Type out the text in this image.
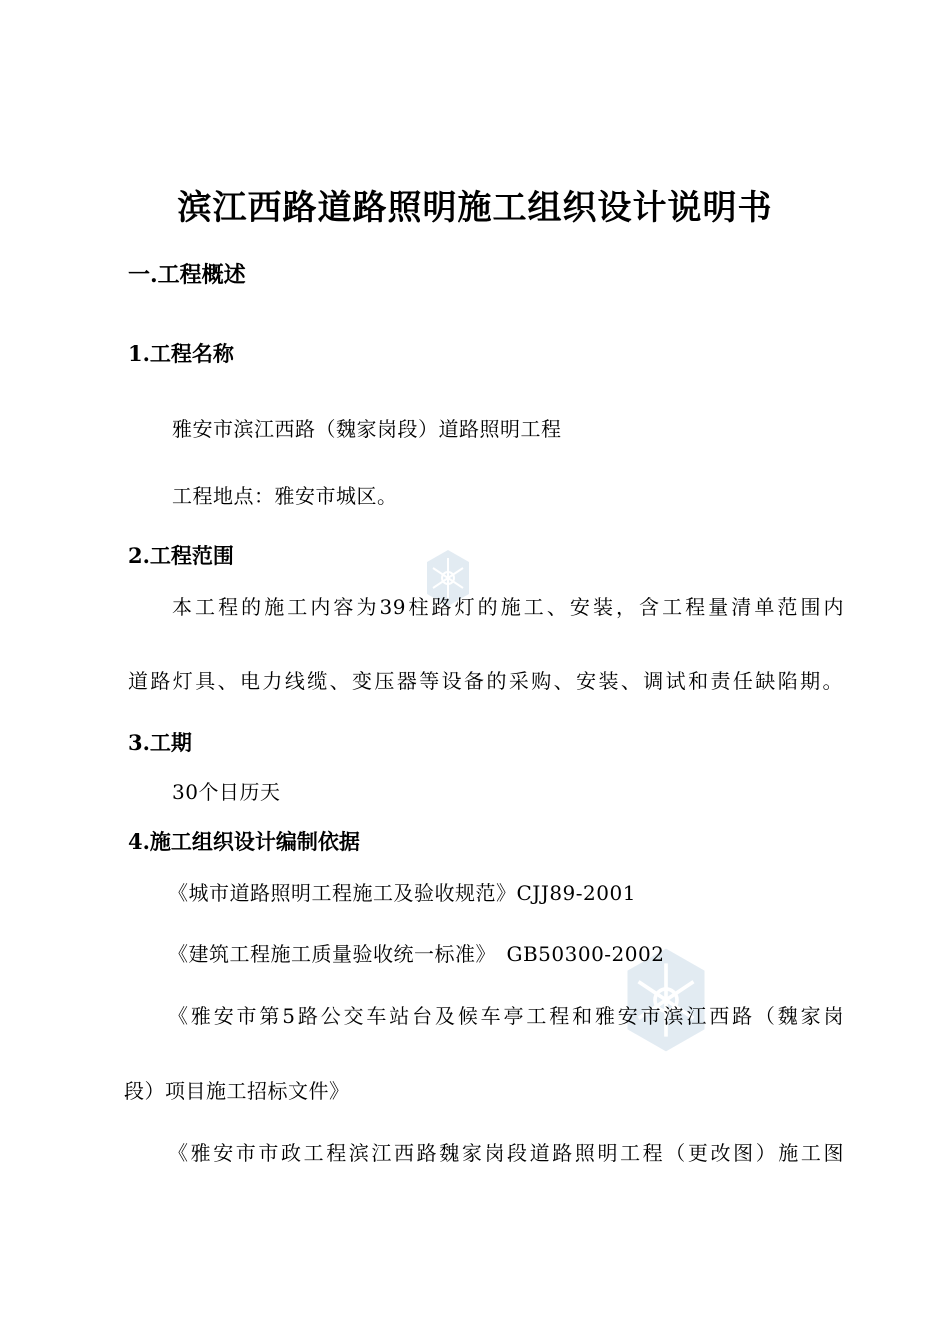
滨江西路道路照明施工组织设计说明书
一.工程概述
1.工程名称
雅安市滨江西路（魏家岗段）道路照明工程
工程地点：雅安市城区。
2.工程范围
本工程的施工内容为39柱路灯的施工、安装，含工程量清单范围内
道路灯具、电力线缆、变压器等设备的采购、安装、调试和责任缺陷期。
3.工期
30个日历天
4.施工组织设计编制依据
《城市道路照明工程施工及验收规范》CJJ89-2001
《建筑工程施工质量验收统一标准》　GB50300-2002
《雅安市第5路公交车站台及候车亭工程和雅安市滨江西路（魏家岗
段）项目施工招标文件》
《雅安市市政工程滨江西路魏家岗段道路照明工程（更改图）施工图
